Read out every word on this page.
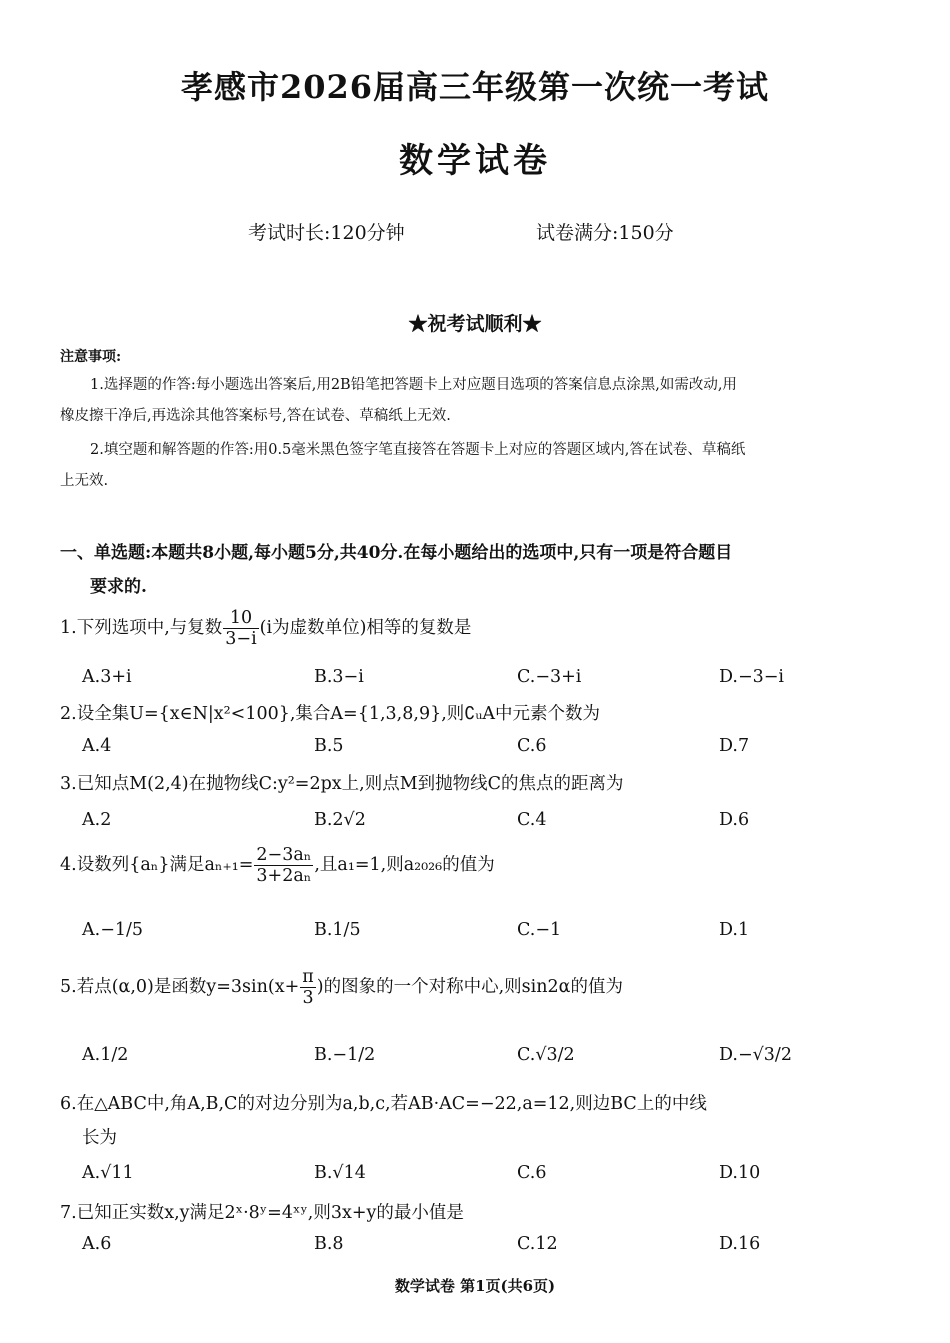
孝感市2026届高三年级第一次统一考试
数学试卷
考试时长:120分钟	试卷满分:150分
★祝考试顺利★
注意事项:
1.选择题的作答:每小题选出答案后,用2B铅笔把答题卡上对应题目选项的答案信息点涂黑,如需改动,用
橡皮擦干净后,再选涂其他答案标号,答在试卷、草稿纸上无效.
2.填空题和解答题的作答:用0.5毫米黑色签字笔直接答在答题卡上对应的答题区域内,答在试卷、草稿纸
上无效.
一、单选题:本题共8小题,每小题5分,共40分.在每小题给出的选项中,只有一项是符合题目
要求的.
1.下列选项中,与复数 $\frac{10}{3-i} (i$为虚数单位)相等的复数是
A.3+i	B.3−i	C.−3+i	D.−3−i
2.设全集U={x∈N|x²<100},集合A={1,3,8,9},则∁ᵤA中元素个数为
A.4	B.5	C.6	D.7
3.已知点M(2,4)在抛物线C:y²=2px上,则点M到抛物线C的焦点的距离为
A.2	B.2√2	C.4	D.6
4.设数列{aₙ}满足$a_{n+1}= \frac{\text{2−3aₙ}}{\text{3+2aₙ}}$ ,且a₁=1,则a₂₀₂₆的值为
A.−1/5	B.1/5	C.−1	D.1
5.若点(α,0)是函数$y=3\sin(x+ \frac{\pi}{3}$ )的图象的一个对称中心,则sin2α的值为
A.1/2	B.−1/2	C.√3/2	D.−√3/2
6.在△ABC中,角A,B,C的对边分别为a,b,c,若AB·AC=−22,a=12,则边BC上的中线
长为
A.√11	B.√14	C.6	D.10
7.已知正实数x,y满足2ˣ·8ʸ=4ˣʸ,则3x+y的最小值是
A.6	B.8	C.12	D.16
数学试卷 第1页(共6页)
